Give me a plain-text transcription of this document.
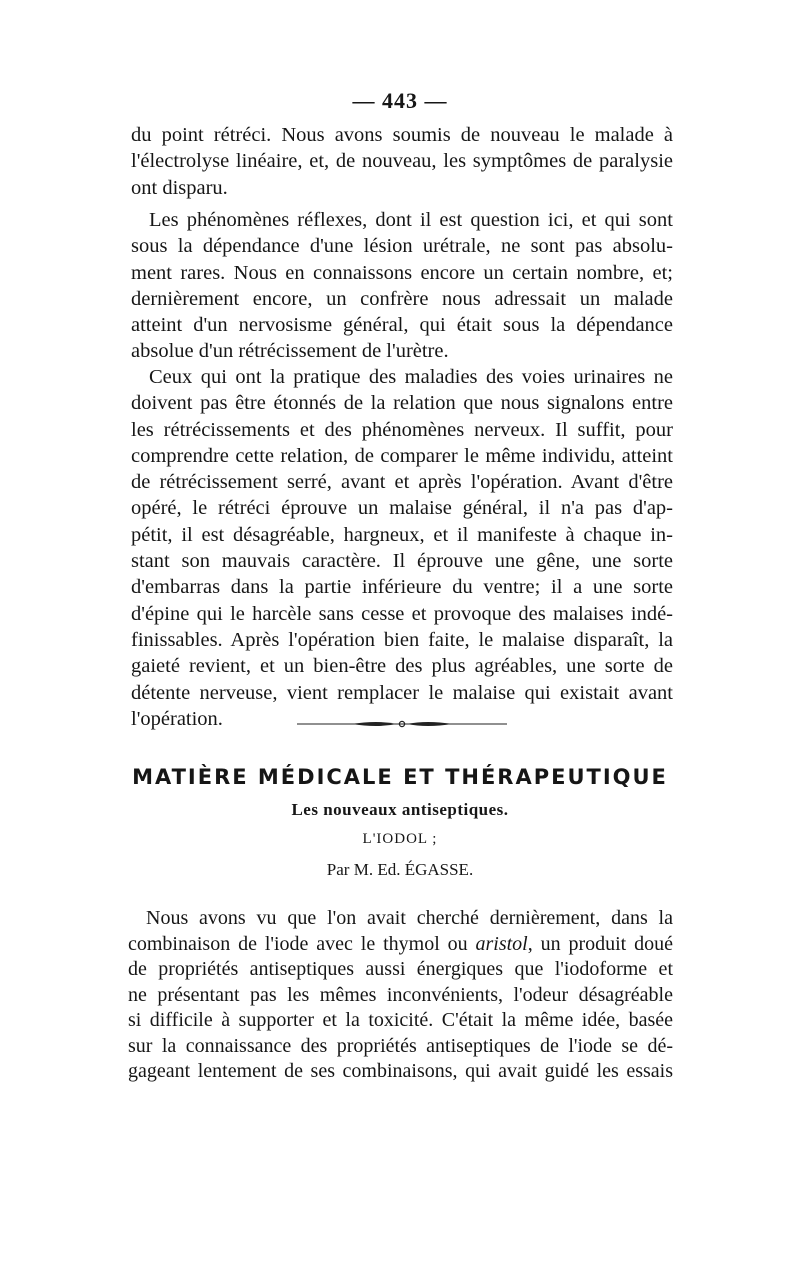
— 443 —
du point rétréci. Nous avons soumis de nouveau le malade à
l'électrolyse linéaire, et, de nouveau, les symptômes de paralysie
ont disparu.
Les phénomènes réflexes, dont il est question ici, et qui sont
sous la dépendance d'une lésion urétrale, ne sont pas absolu-
ment rares. Nous en connaissons encore un certain nombre, et;
dernièrement encore, un confrère nous adressait un malade
atteint d'un nervosisme général, qui était sous la dépendance
absolue d'un rétrécissement de l'urètre.
Ceux qui ont la pratique des maladies des voies urinaires ne
doivent pas être étonnés de la relation que nous signalons entre
les rétrécissements et des phénomènes nerveux. Il suffit, pour
comprendre cette relation, de comparer le même individu, atteint
de rétrécissement serré, avant et après l'opération. Avant d'être
opéré, le rétréci éprouve un malaise général, il n'a pas d'ap-
pétit, il est désagréable, hargneux, et il manifeste à chaque in-
stant son mauvais caractère. Il éprouve une gêne, une sorte
d'embarras dans la partie inférieure du ventre; il a une sorte
d'épine qui le harcèle sans cesse et provoque des malaises indé-
finissables. Après l'opération bien faite, le malaise disparaît, la
gaieté revient, et un bien-être des plus agréables, une sorte de
détente nerveuse, vient remplacer le malaise qui existait avant
l'opération.
MATIÈRE MÉDICALE ET THÉRAPEUTIQUE
Les nouveaux antiseptiques.
L'IODOL ;
Par M. Ed. ÉGASSE.
Nous avons vu que l'on avait cherché dernièrement, dans la
combinaison de l'iode avec le thymol ou aristol, un produit doué
de propriétés antiseptiques aussi énergiques que l'iodoforme et
ne présentant pas les mêmes inconvénients, l'odeur désagréable
si difficile à supporter et la toxicité. C'était la même idée, basée
sur la connaissance des propriétés antiseptiques de l'iode se dé-
gageant lentement de ses combinaisons, qui avait guidé les essais
